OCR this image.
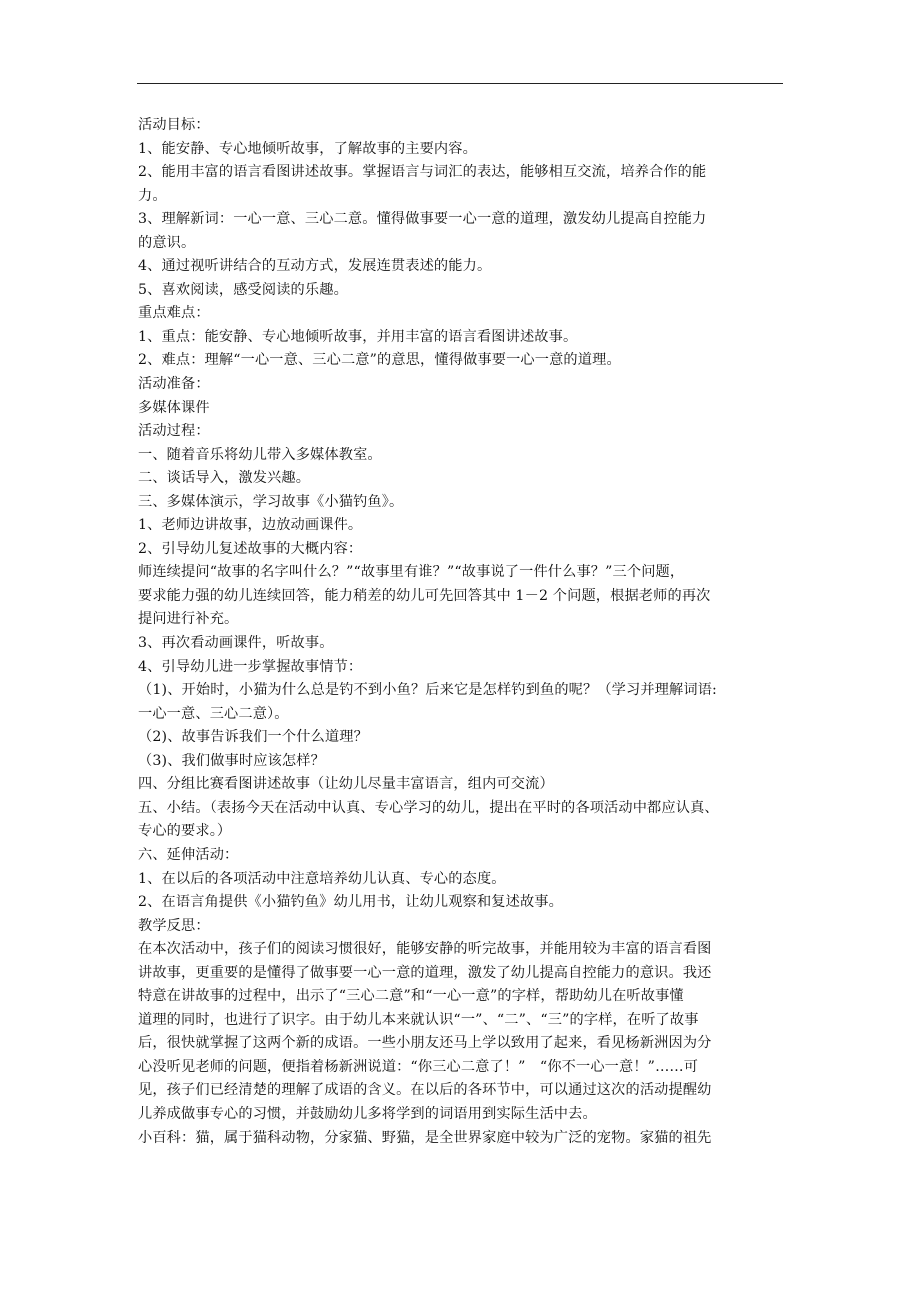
活动目标：
1、能安静、专心地倾听故事，了解故事的主要内容。
2、能用丰富的语言看图讲述故事。掌握语言与词汇的表达，能够相互交流，培养合作的能
力。
3、理解新词：一心一意、三心二意。懂得做事要一心一意的道理，激发幼儿提高自控能力
的意识。
4、通过视听讲结合的互动方式，发展连贯表述的能力。
5、喜欢阅读，感受阅读的乐趣。
重点难点：
1、重点：能安静、专心地倾听故事，并用丰富的语言看图讲述故事。
2、难点：理解“一心一意、三心二意”的意思，懂得做事要一心一意的道理。
活动准备：
多媒体课件
活动过程：
一、随着音乐将幼儿带入多媒体教室。
二、谈话导入，激发兴趣。
三、多媒体演示，学习故事《小猫钓鱼》。
1、老师边讲故事，边放动画课件。
2、引导幼儿复述故事的大概内容：
师连续提问“故事的名字叫什么？”“故事里有谁？”“故事说了一件什么事？”三个问题，
要求能力强的幼儿连续回答，能力稍差的幼儿可先回答其中 1－2 个问题，根据老师的再次
提问进行补充。
3、再次看动画课件，听故事。
4、引导幼儿进一步掌握故事情节：
（1)、开始时，小猫为什么总是钓不到小鱼？后来它是怎样钓到鱼的呢？（学习并理解词语:
一心一意、三心二意）。
（2)、故事告诉我们一个什么道理？
（3)、我们做事时应该怎样？
四、分组比赛看图讲述故事（让幼儿尽量丰富语言，组内可交流）
五、小结。（表扬今天在活动中认真、专心学习的幼儿，提出在平时的各项活动中都应认真、
专心的要求。）
六、延伸活动：
1、在以后的各项活动中注意培养幼儿认真、专心的态度。
2、在语言角提供《小猫钓鱼》幼儿用书，让幼儿观察和复述故事。
教学反思：
在本次活动中，孩子们的阅读习惯很好，能够安静的听完故事，并能用较为丰富的语言看图
讲故事，更重要的是懂得了做事要一心一意的道理，激发了幼儿提高自控能力的意识。我还
特意在讲故事的过程中，出示了“三心二意”和“一心一意”的字样，帮助幼儿在听故事懂
道理的同时，也进行了识字。由于幼儿本来就认识“一”、“二”、“三”的字样，在听了故事
后，很快就掌握了这两个新的成语。一些小朋友还马上学以致用了起来，看见杨新洲因为分
心没听见老师的问题，便指着杨新洲说道：“你三心二意了！”　“你不一心一意！”……可
见，孩子们已经清楚的理解了成语的含义。在以后的各环节中，可以通过这次的活动提醒幼
儿养成做事专心的习惯，并鼓励幼儿多将学到的词语用到实际生活中去。
小百科：猫，属于猫科动物，分家猫、野猫，是全世界家庭中较为广泛的宠物。家猫的祖先
